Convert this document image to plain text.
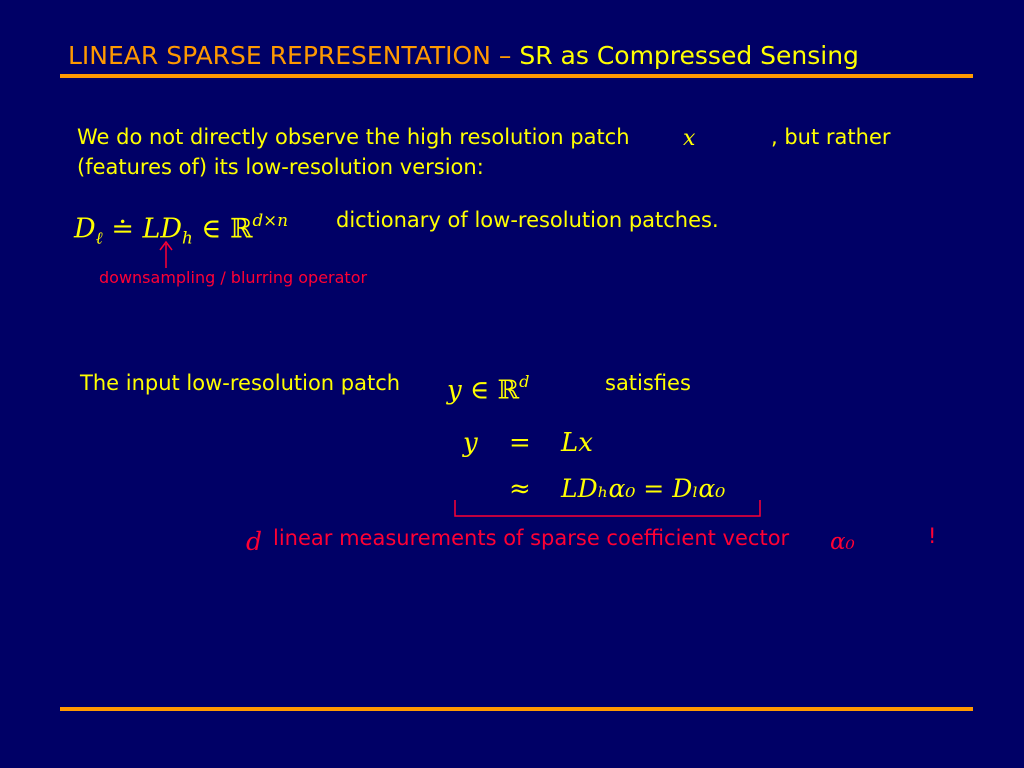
LINEAR SPARSE REPRESENTATION – SR as Compressed Sensing
We do not directly observe the high resolution patch x	, but rather
(features of) its low-resolution version:
$D_\ell$ ≐ $LD_h$ ∈ ℝ$^{d\times n}$ dictionary of low-resolution patches.
downsampling / blurring operator
The input low-resolution patch y ∈ ℝ$^d$	satisfies
y = Lx
≈ LDₕα₀ = Dₗα₀
d linear measurements of sparse coefficient vector α₀	!
